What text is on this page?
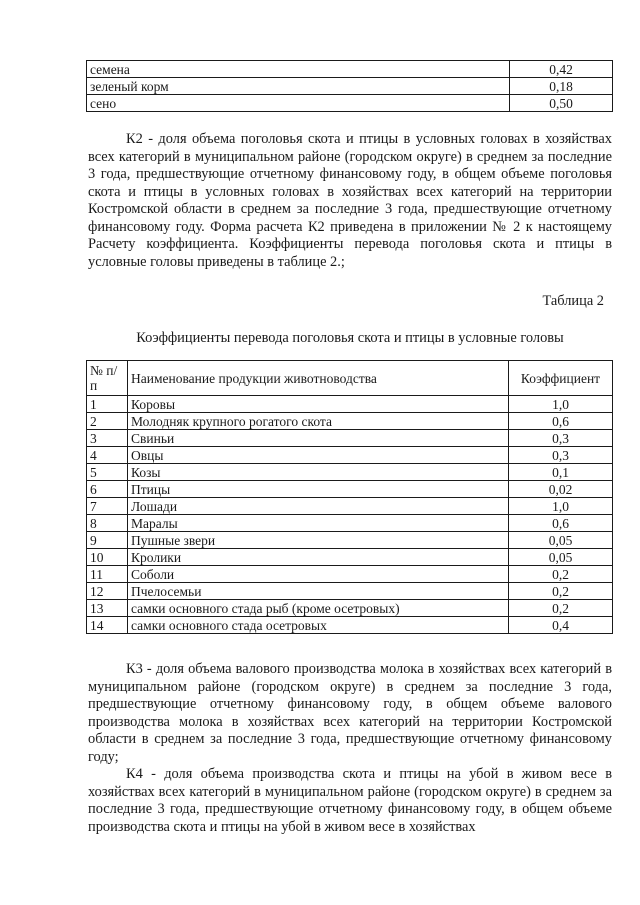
семена	0,42
зеленый корм	0,18
сено	0,50

К2 - доля объема поголовья скота и птицы в условных головах в хозяйствах всех категорий в муниципальном районе (городском округе) в среднем за последние 3 года, предшествующие отчетному финансовому году, в общем объеме поголовья скота и птицы в условных головах в хозяйствах всех категорий на территории Костромской области в среднем за последние 3 года, предшествующие отчетному финансовому году. Форма расчета К2 приведена в приложении № 2 к настоящему Расчету коэффициента. Коэффициенты перевода поголовья скота и птицы в условные головы приведены в таблице 2.;

Таблица 2
Коэффициенты перевода поголовья скота и птицы в условные головы
№ п/п	Наименование продукции животноводства	Коэффициент
1	Коровы	1,0
2	Молодняк крупного рогатого скота	0,6
3	Свиньи	0,3
4	Овцы	0,3
5	Козы	0,1
6	Птицы	0,02
7	Лошади	1,0
8	Маралы	0,6
9	Пушные звери	0,05
10	Кролики	0,05
11	Соболи	0,2
12	Пчелосемьи	0,2
13	самки основного стада рыб (кроме осетровых)	0,2
14	самки основного стада осетровых	0,4

К3 - доля объема валового производства молока в хозяйствах всех категорий в муниципальном районе (городском округе) в среднем за последние 3 года, предшествующие отчетному финансовому году, в общем объеме валового производства молока в хозяйствах всех категорий на территории Костромской области в среднем за последние 3 года, предшествующие отчетному финансовому году;

К4 - доля объема производства скота и птицы на убой в живом весе в хозяйствах всех категорий в муниципальном районе (городском округе) в среднем за последние 3 года, предшествующие отчетному финансовому году, в общем объеме производства скота и птицы на убой в живом весе в хозяйствах
